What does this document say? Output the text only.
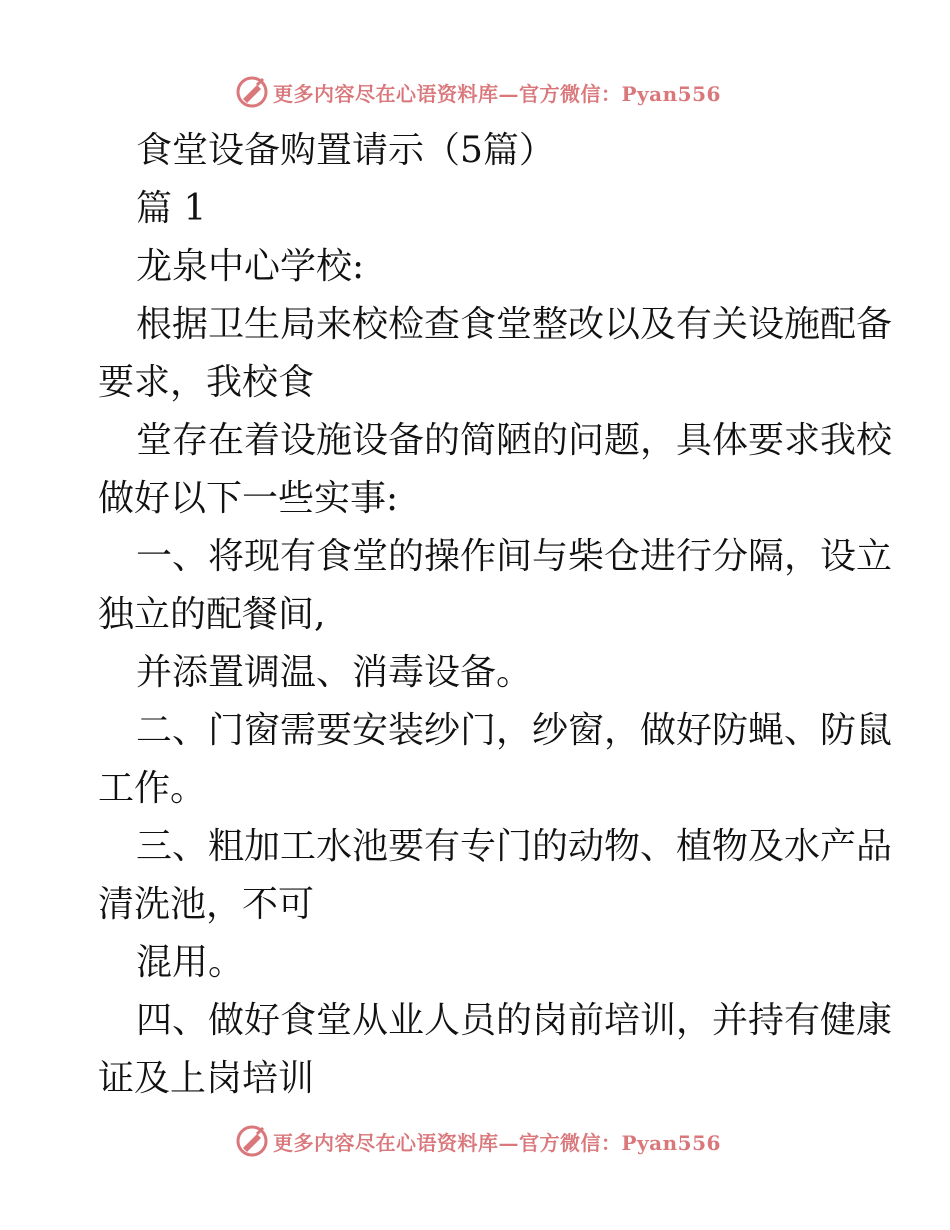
更多内容尽在心语资料库—官方微信：Pyan556
食堂设备购置请示（5篇）
篇 1
龙泉中心学校:
根据卫生局来校检查食堂整改以及有关设施配备
要求，我校食
堂存在着设施设备的简陋的问题，具体要求我校
做好以下一些实事:
一、将现有食堂的操作间与柴仓进行分隔，设立
独立的配餐间,
并添置调温、消毒设备。
二、门窗需要安装纱门，纱窗，做好防蝇、防鼠
工作。
三、粗加工水池要有专门的动物、植物及水产品
清洗池，不可
混用。
四、做好食堂从业人员的岗前培训，并持有健康
证及上岗培训
更多内容尽在心语资料库—官方微信：Pyan556
